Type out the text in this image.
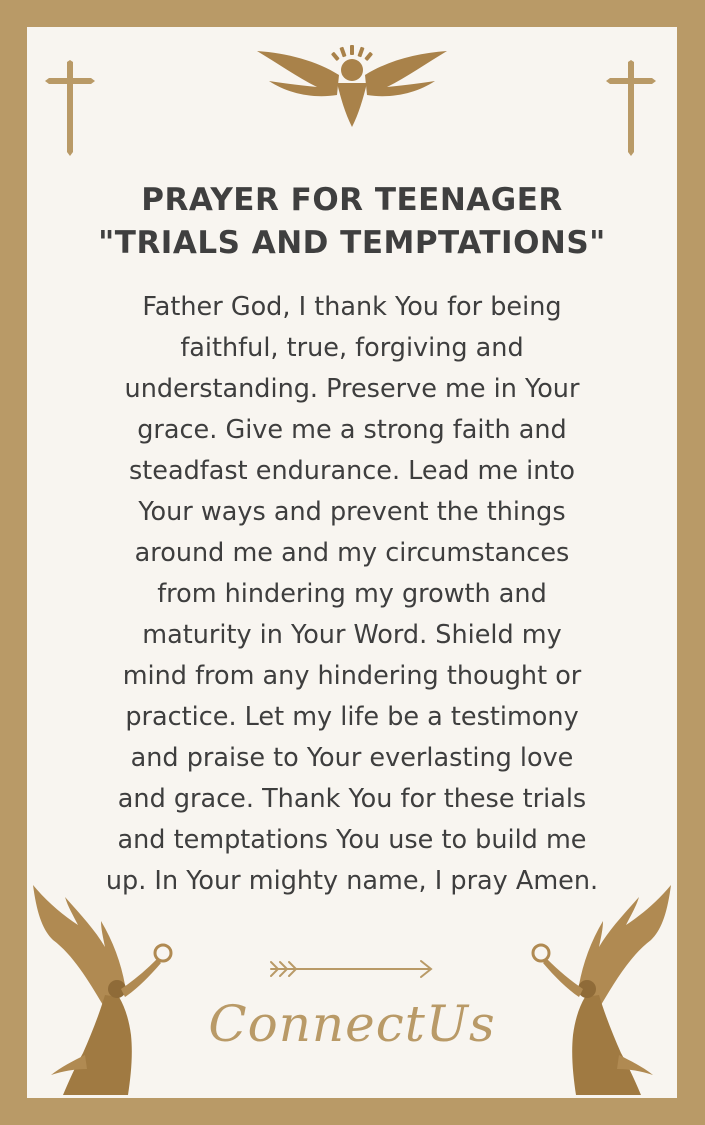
PRAYER FOR TEENAGER
"TRIALS AND TEMPTATIONS"
Father God, I thank You for being
faithful, true, forgiving and
understanding. Preserve me in Your
grace. Give me a strong faith and
steadfast endurance. Lead me into
Your ways and prevent the things
around me and my circumstances
from hindering my growth and
maturity in Your Word. Shield my
mind from any hindering thought or
practice. Let my life be a testimony
and praise to Your everlasting love
and grace. Thank You for these trials
and temptations You use to build me
up. In Your mighty name, I pray Amen.
ConnectUs
